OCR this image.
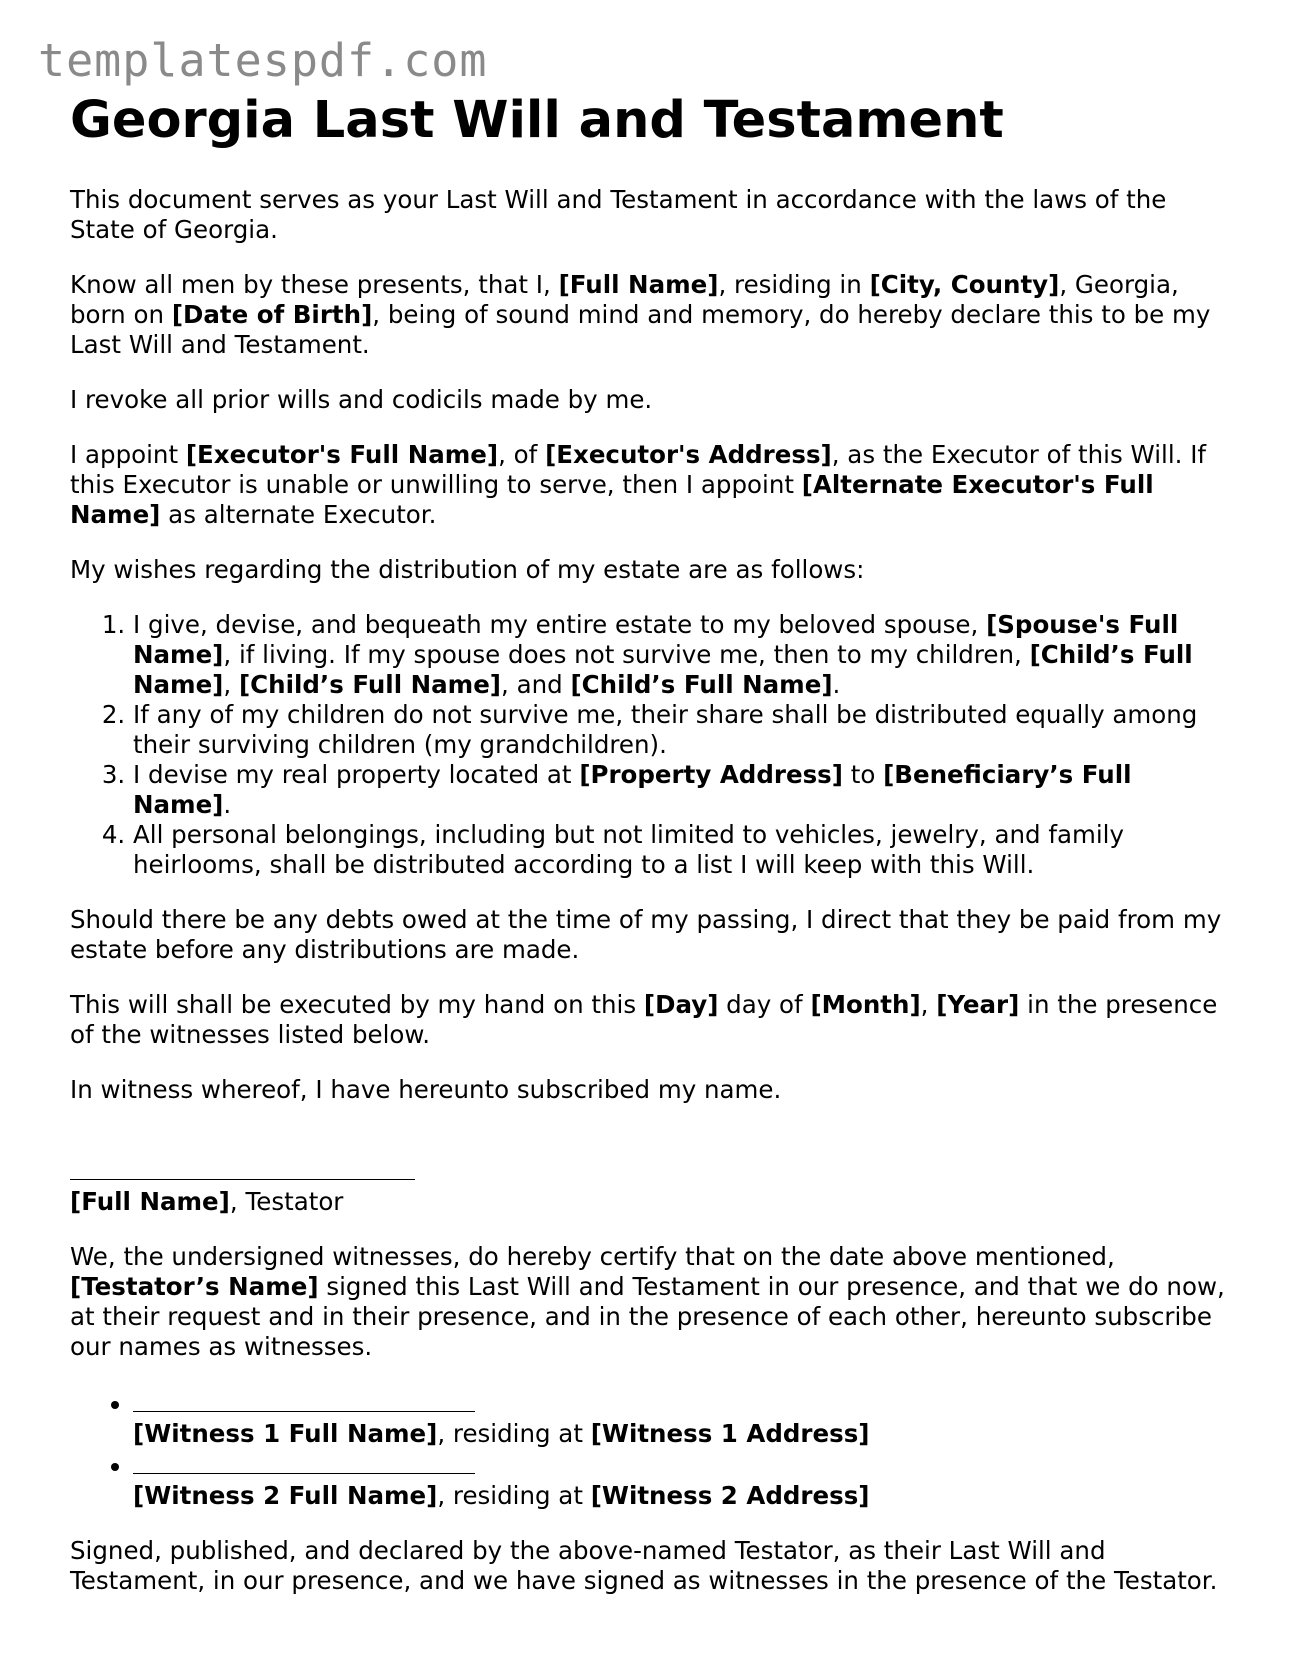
templatespdf.com
Georgia Last Will and Testament

This document serves as your Last Will and Testament in accordance with the laws of the State of Georgia.

Know all men by these presents, that I, [Full Name], residing in [City, County], Georgia, born on [Date of Birth], being of sound mind and memory, do hereby declare this to be my Last Will and Testament.

I revoke all prior wills and codicils made by me.

I appoint [Executor's Full Name], of [Executor's Address], as the Executor of this Will. If this Executor is unable or unwilling to serve, then I appoint [Alternate Executor's Full Name] as alternate Executor.

My wishes regarding the distribution of my estate are as follows:

1. I give, devise, and bequeath my entire estate to my beloved spouse, [Spouse's Full Name], if living. If my spouse does not survive me, then to my children, [Child’s Full Name], [Child’s Full Name], and [Child’s Full Name].
2. If any of my children do not survive me, their share shall be distributed equally among their surviving children (my grandchildren).
3. I devise my real property located at [Property Address] to [Beneficiary’s Full Name].
4. All personal belongings, including but not limited to vehicles, jewelry, and family heirlooms, shall be distributed according to a list I will keep with this Will.

Should there be any debts owed at the time of my passing, I direct that they be paid from my estate before any distributions are made.

This will shall be executed by my hand on this [Day] day of [Month], [Year] in the presence of the witnesses listed below.

In witness whereof, I have hereunto subscribed my name.

[Full Name], Testator

We, the undersigned witnesses, do hereby certify that on the date above mentioned, [Testator’s Name] signed this Last Will and Testament in our presence, and that we do now, at their request and in their presence, and in the presence of each other, hereunto subscribe our names as witnesses.

• [Witness 1 Full Name], residing at [Witness 1 Address]

• [Witness 2 Full Name], residing at [Witness 2 Address]

Signed, published, and declared by the above-named Testator, as their Last Will and Testament, in our presence, and we have signed as witnesses in the presence of the Testator.
